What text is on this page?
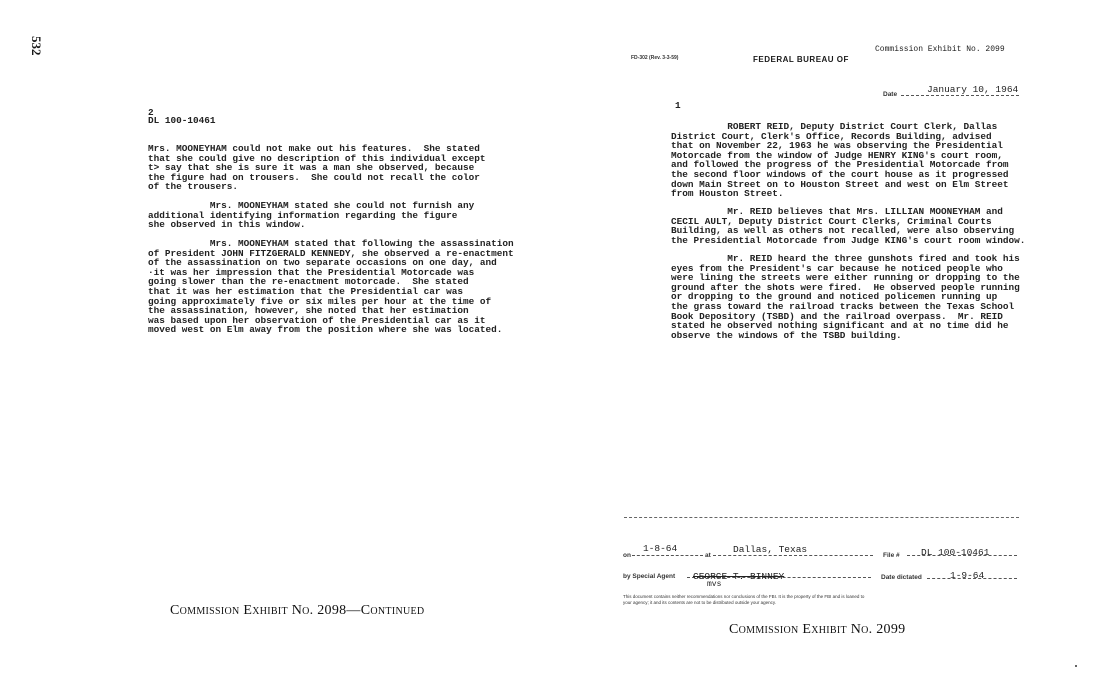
532
2
DL 100-10461

Mrs. MOONEYHAM could not make out his features.  She stated
that she could give no description of this individual except
t> say that she is sure it was a man she observed, because
the figure had on trousers.  She could not recall the color
of the trousers.

Mrs. MOONEYHAM stated she could not furnish any
additional identifying information regarding the figure
she observed in this window.

Mrs. MOONEYHAM stated that following the assassination
of President JOHN FITZGERALD KENNEDY, she observed a re-enactment
of the assassination on two separate occasions on one day, and
·it was her impression that the Presidential Motorcade was
going slower than the re-enactment motorcade.  She stated
that it was her estimation that the Presidential car was
going approximately five or six miles per hour at the time of
the assassination, however, she noted that her estimation
was based upon her observation of the Presidential car as it
moved west on Elm away from the position where she was located.

Commission Exhibit No. 2098—Continued
FD-302 (Rev. 3-3-59)	FEDERAL BUREAU OF
Commission Exhibit No. 2099
Date	January 10, 1964
1

ROBERT REID, Deputy District Court Clerk, Dallas
District Court, Clerk's Office, Records Building, advised
that on November 22, 1963 he was observing the Presidential
Motorcade from the window of Judge HENRY KING's court room,
and followed the progress of the Presidential Motorcade from
the second floor windows of the court house as it progressed
down Main Street on to Houston Street and west on Elm Street
from Houston Street.

Mr. REID believes that Mrs. LILLIAN MOONEYHAM and
CECIL AULT, Deputy District Court Clerks, Criminal Courts
Building, as well as others not recalled, were also observing
the Presidential Motorcade from Judge KING's court room window.

Mr. REID heard the three gunshots fired and took his
eyes from the President's car because he noticed people who
were lining the streets were either running or dropping to the
ground after the shots were fired.  He observed people running
or dropping to the ground and noticed policemen running up
the grass toward the railroad tracks between the Texas School
Book Depository (TSBD) and the railroad overpass.  Mr. REID
stated he observed nothing significant and at no time did he
observe the windows of the TSBD building.

on
1-8-64
at
Dallas, Texas
File # DL 100-10461
by Special Agent GEORGE T. BINNEY
mvs
Date dictated	1-9-64
This document contains neither recommendations nor conclusions of the FBI. It is the property of the FBI and is loaned to
your agency; it and its contents are not to be distributed outside your agency.
Commission Exhibit No. 2099
